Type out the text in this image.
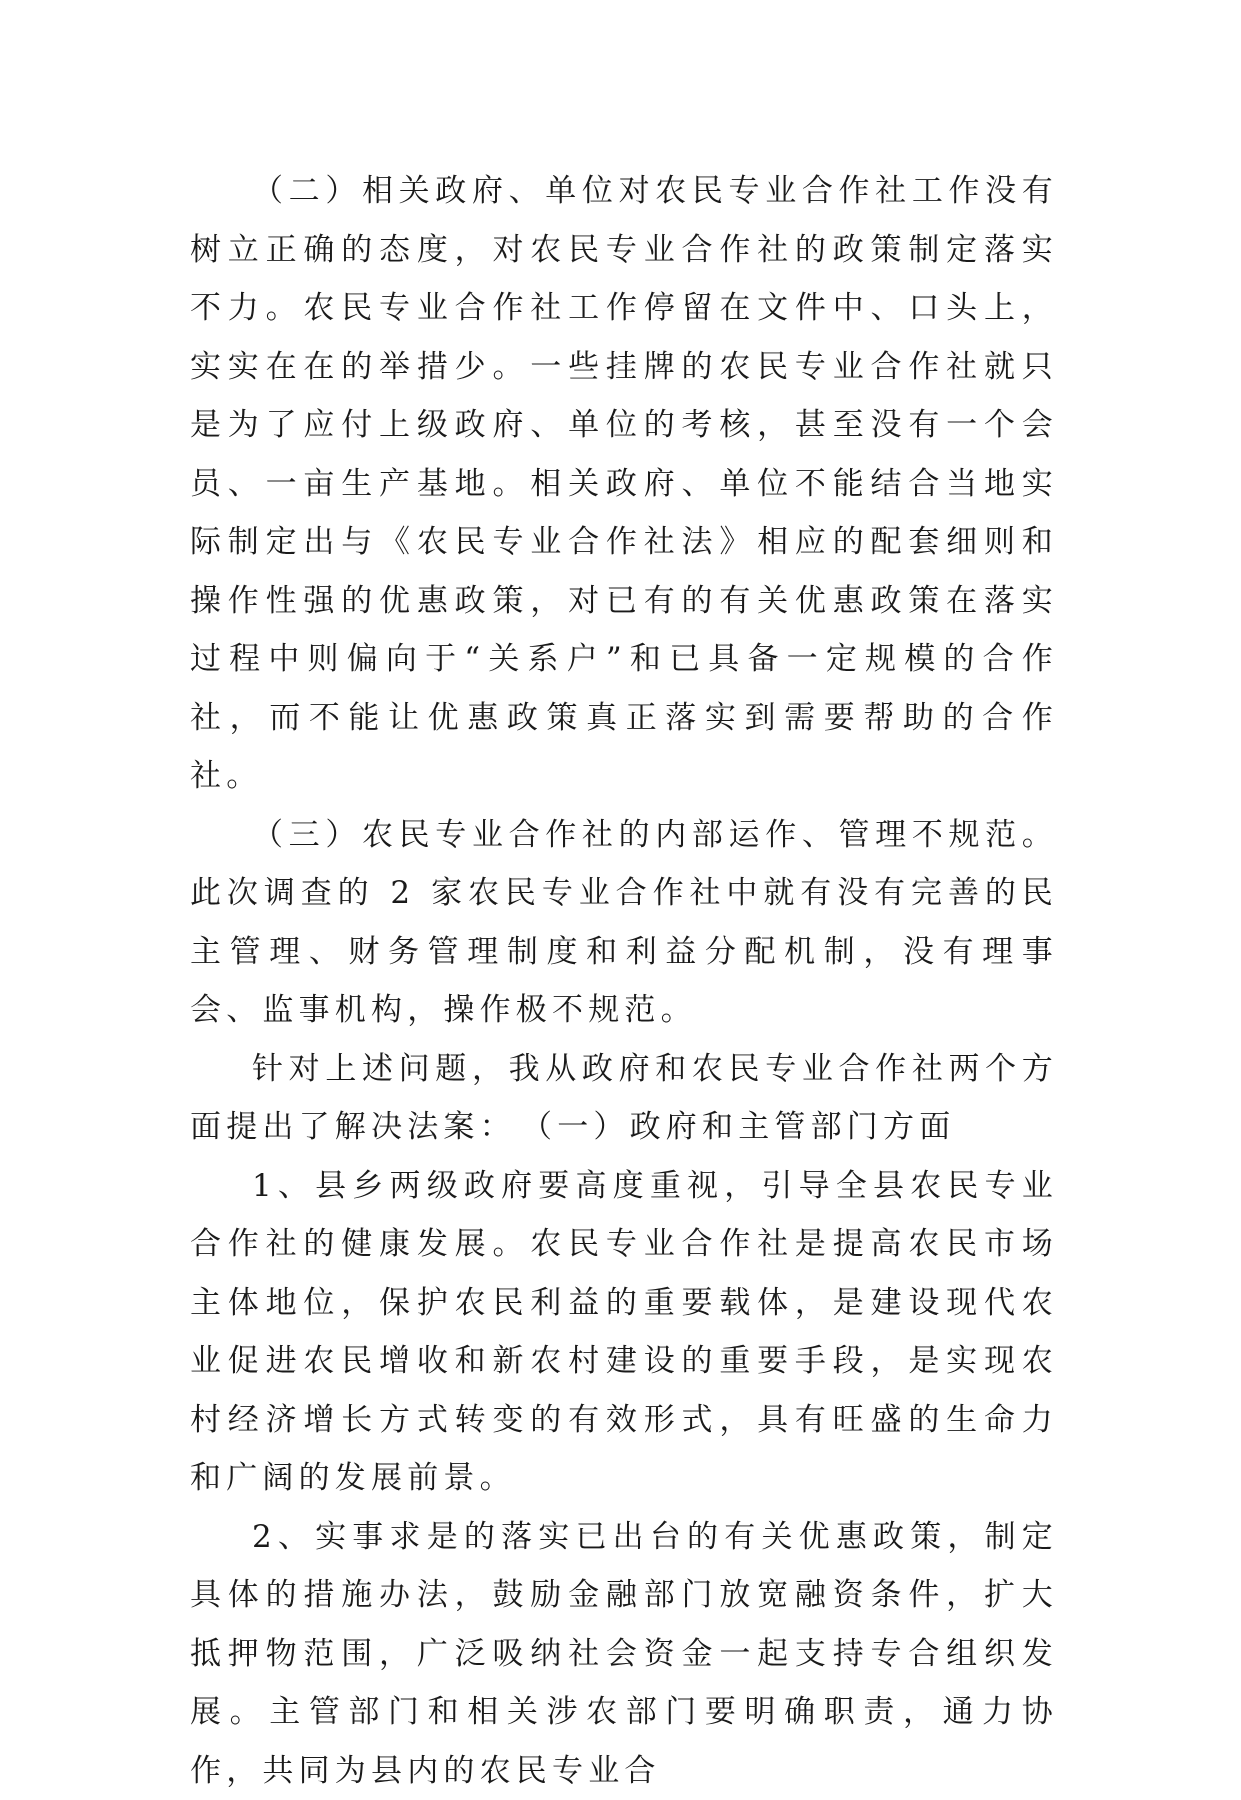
（二）相关政府、单位对农民专业合作社工作没有树立正确的态度，对农民专业合作社的政策制定落实不力。农民专业合作社工作停留在文件中、口头上，实实在在的举措少。一些挂牌的农民专业合作社就只是为了应付上级政府、单位的考核，甚至没有一个会员、一亩生产基地。相关政府、单位不能结合当地实际制定出与《农民专业合作社法》相应的配套细则和操作性强的优惠政策，对已有的有关优惠政策在落实过程中则偏向于“关系户”和已具备一定规模的合作社，而不能让优惠政策真正落实到需要帮助的合作社。

（三）农民专业合作社的内部运作、管理不规范。此次调查的 2 家农民专业合作社中就有没有完善的民主管理、财务管理制度和利益分配机制，没有理事会、监事机构，操作极不规范。

针对上述问题，我从政府和农民专业合作社两个方面提出了解决法案：　（一）政府和主管部门方面

1、县乡两级政府要高度重视，引导全县农民专业合作社的健康发展。农民专业合作社是提高农民市场主体地位，保护农民利益的重要载体，是建设现代农业促进农民增收和新农村建设的重要手段，是实现农村经济增长方式转变的有效形式，具有旺盛的生命力和广阔的发展前景。

2、实事求是的落实已出台的有关优惠政策，制定具体的措施办法，鼓励金融部门放宽融资条件，扩大抵押物范围，广泛吸纳社会资金一起支持专合组织发展。主管部门和相关涉农部门要明确职责，通力协作，共同为县内的农民专业合
